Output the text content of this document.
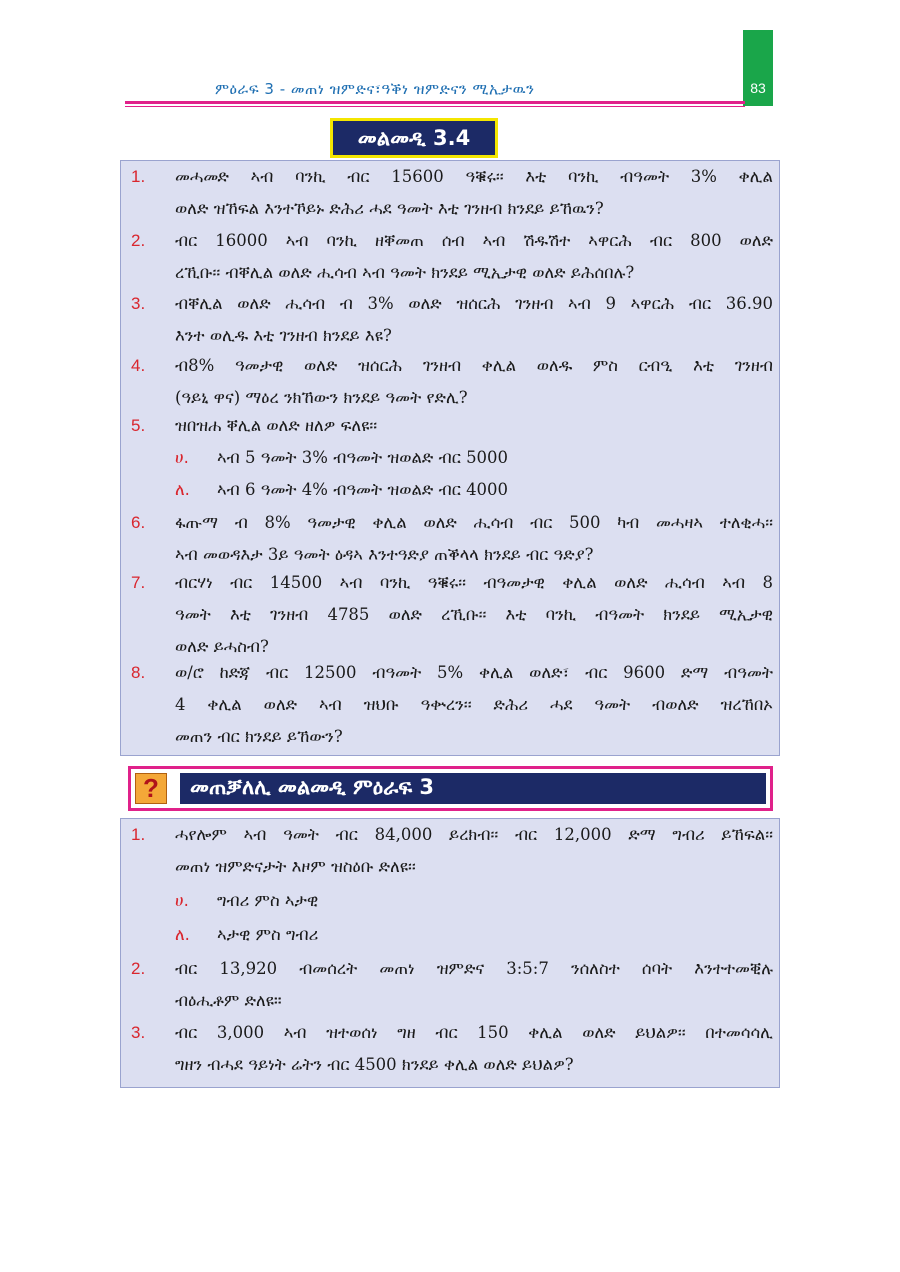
83
ምዕራፍ 3 - መጠነ ዝምድና፣ዓቕነ ዝምድናን ሚኢታዉን
መልመዲ 3.4
1. መሓመድ ኣብ ባንኪ ብር 15600 ዓቑሩ፡፡ እቲ ባንኪ ብዓመት 3% ቀሊል
ወለድ ዝኸፍል እንተኾይኑ ድሕሪ ሓደ ዓመት እቲ ገንዘብ ክንደይ ይኸዉን?
2. ብር 16000 ኣብ ባንኪ ዘቐመጠ ሰብ ኣብ ሽዱሽተ ኣዋርሕ ብር 800 ወለድ
ረኺቡ፡፡ ብቐሊል ወለድ ሒሳብ ኣብ ዓመት ክንደይ ሚኢታዊ ወለድ ይሕሰበሉ?
3. ብቐሊል ወለድ ሒሳብ ብ 3% ወለድ ዝሰርሕ ገንዘብ ኣብ 9 ኣዋርሕ ብር 36.90
እንተ ወሊዱ እቲ ገንዘብ ክንደይ እዩ?
4. ብ8% ዓመታዊ ወለድ ዝሰርሕ ገንዘብ ቀሊል ወለዱ ምስ ርብዒ እቲ ገንዘብ
(ዓይኒ ዋና) ማዕረ ንክኸውን ክንደይ ዓመት የድሊ?
5. ዝበዝሐ ቐሊል ወለድ ዘለዎ ፍለዩ፡፡
ሀ. ኣብ 5 ዓመት 3% ብዓመት ዝወልድ ብር 5000
ለ. ኣብ 6 ዓመት 4% ብዓመት ዝወልድ ብር 4000
6. ፋጡማ ብ 8% ዓመታዊ ቀሊል ወለድ ሒሳብ ብር 500 ካብ መሓዛኣ ተለቂሓ፡፡
ኣብ መወዳእታ 3ይ ዓመት ዕዳኣ እንተዓድያ ጠቕላላ ክንደይ ብር ዓድያ?
7. ብርሃነ ብር 14500 ኣብ ባንኪ ዓቑሩ፡፡ ብዓመታዊ ቀሊል ወለድ ሒሳብ ኣብ 8
ዓመት እቲ ገንዘብ 4785 ወለድ ረኺቡ፡፡ እቲ ባንኪ ብዓመት ክንደይ ሚኢታዊ
ወለድ ይሓስብ?
8. ወ/ሮ ከድጃ ብር 12500 ብዓመት 5% ቀሊል ወለድ፣ ብር 9600 ድማ ብዓመት
4 ቀሊል ወለድ ኣብ ዝህቡ ዓቍረን፡፡ ድሕሪ ሓደ ዓመት ብወለድ ዝረኸበኦ
መጠን ብር ክንደይ ይኸውን?
?	መጠቓለሊ መልመዲ ምዕራፍ 3
1. ሓየሎም ኣብ ዓመት ብር 84,000 ይረክብ፡፡ ብር 12,000 ድማ ግብሪ ይኸፍል፡፡
መጠነ ዝምድናታት እዞም ዝስዕቡ ድለዩ፡፡
ሀ. ግብሪ ምስ ኣታዊ
ለ. ኣታዊ ምስ ግብሪ
2. ብር 13,920 ብመሰረት መጠነ ዝምድና 3:5:7 ንሰለስተ ሰባት እንተተመቒሉ
ብዕሒቶም ድለዩ።
3. ብር 3,000 ኣብ ዝተወሰነ ግዘ ብር 150 ቀሊል ወለድ ይህልዎ፡፡ በተመሳሳሊ
ግዘን ብሓደ ዓይነት ሬትን ብር 4500 ክንደይ ቀሊል ወለድ ይህልዎ?
